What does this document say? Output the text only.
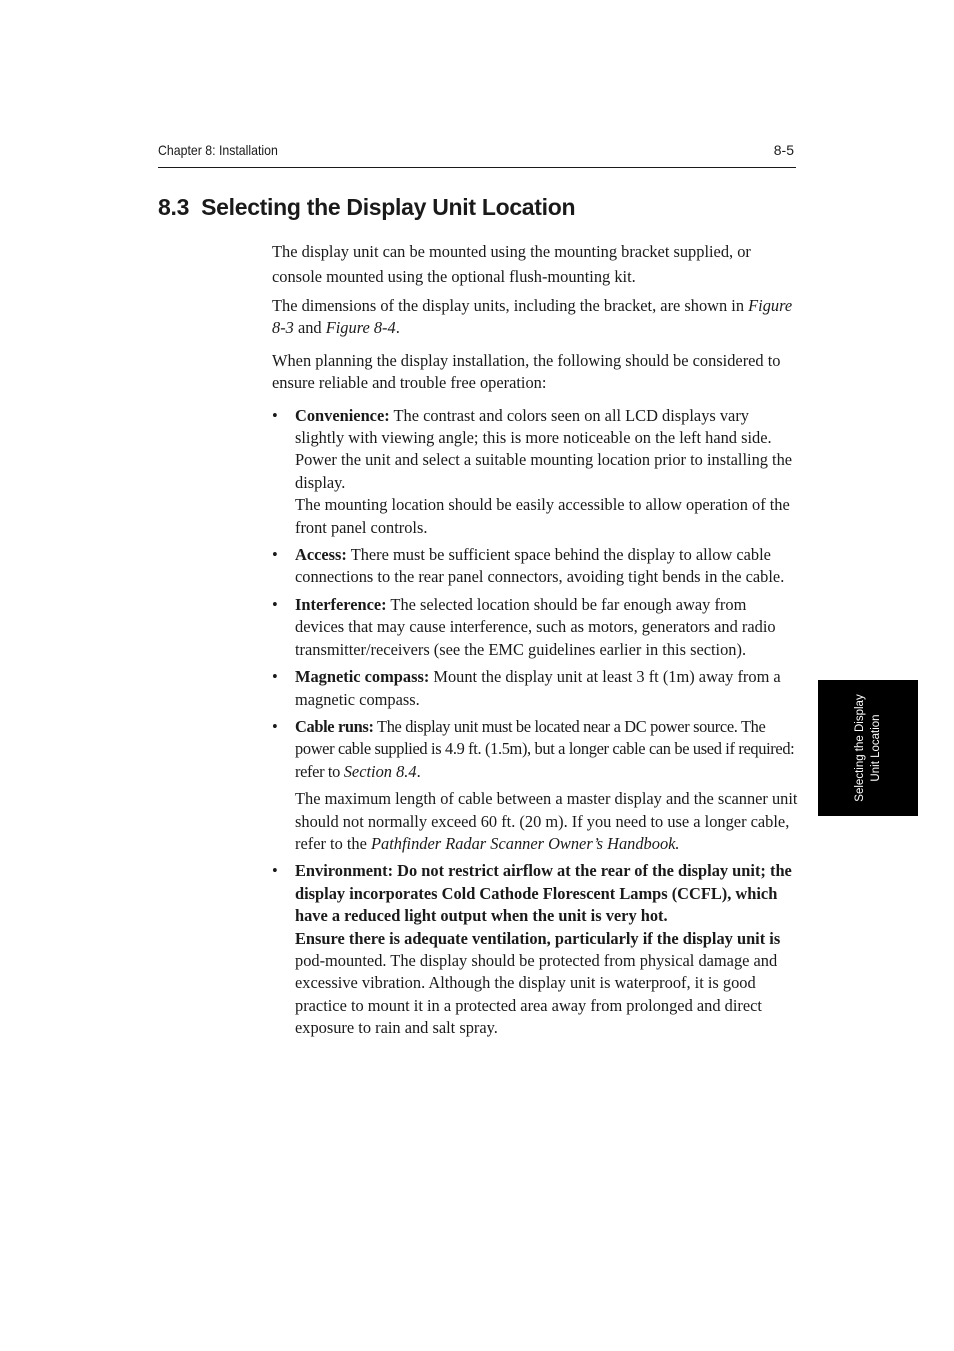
Chapter 8: Installation	8-5
8.3 Selecting the Display Unit Location

The display unit can be mounted using the mounting bracket supplied, or console mounted using the optional flush-mounting kit.

The dimensions of the display units, including the bracket, are shown in Figure 8-3 and Figure 8-4.

When planning the display installation, the following should be considered to ensure reliable and trouble free operation:

• Convenience: The contrast and colors seen on all LCD displays vary slightly with viewing angle; this is more noticeable on the left hand side. Power the unit and select a suitable mounting location prior to installing the display.
The mounting location should be easily accessible to allow operation of the front panel controls.
• Access: There must be sufficient space behind the display to allow cable connections to the rear panel connectors, avoiding tight bends in the cable.
• Interference: The selected location should be far enough away from devices that may cause interference, such as motors, generators and radio transmitter/receivers (see the EMC guidelines earlier in this section).
• Magnetic compass: Mount the display unit at least 3 ft (1m) away from a magnetic compass.
• Cable runs: The display unit must be located near a DC power source. The power cable supplied is 4.9 ft. (1.5m), but a longer cable can be used if required: refer to Section 8.4.
The maximum length of cable between a master display and the scanner unit should not normally exceed 60 ft. (20 m). If you need to use a longer cable, refer to the Pathfinder Radar Scanner Owner’s Handbook.
• Environment: Do not restrict airflow at the rear of the display unit; the display incorporates Cold Cathode Florescent Lamps (CCFL), which have a reduced light output when the unit is very hot.
Ensure there is adequate ventilation, particularly if the display unit is pod-mounted. The display should be protected from physical damage and excessive vibration. Although the display unit is waterproof, it is good practice to mount it in a protected area away from prolonged and direct exposure to rain and salt spray.
Selecting the Display Unit Location
